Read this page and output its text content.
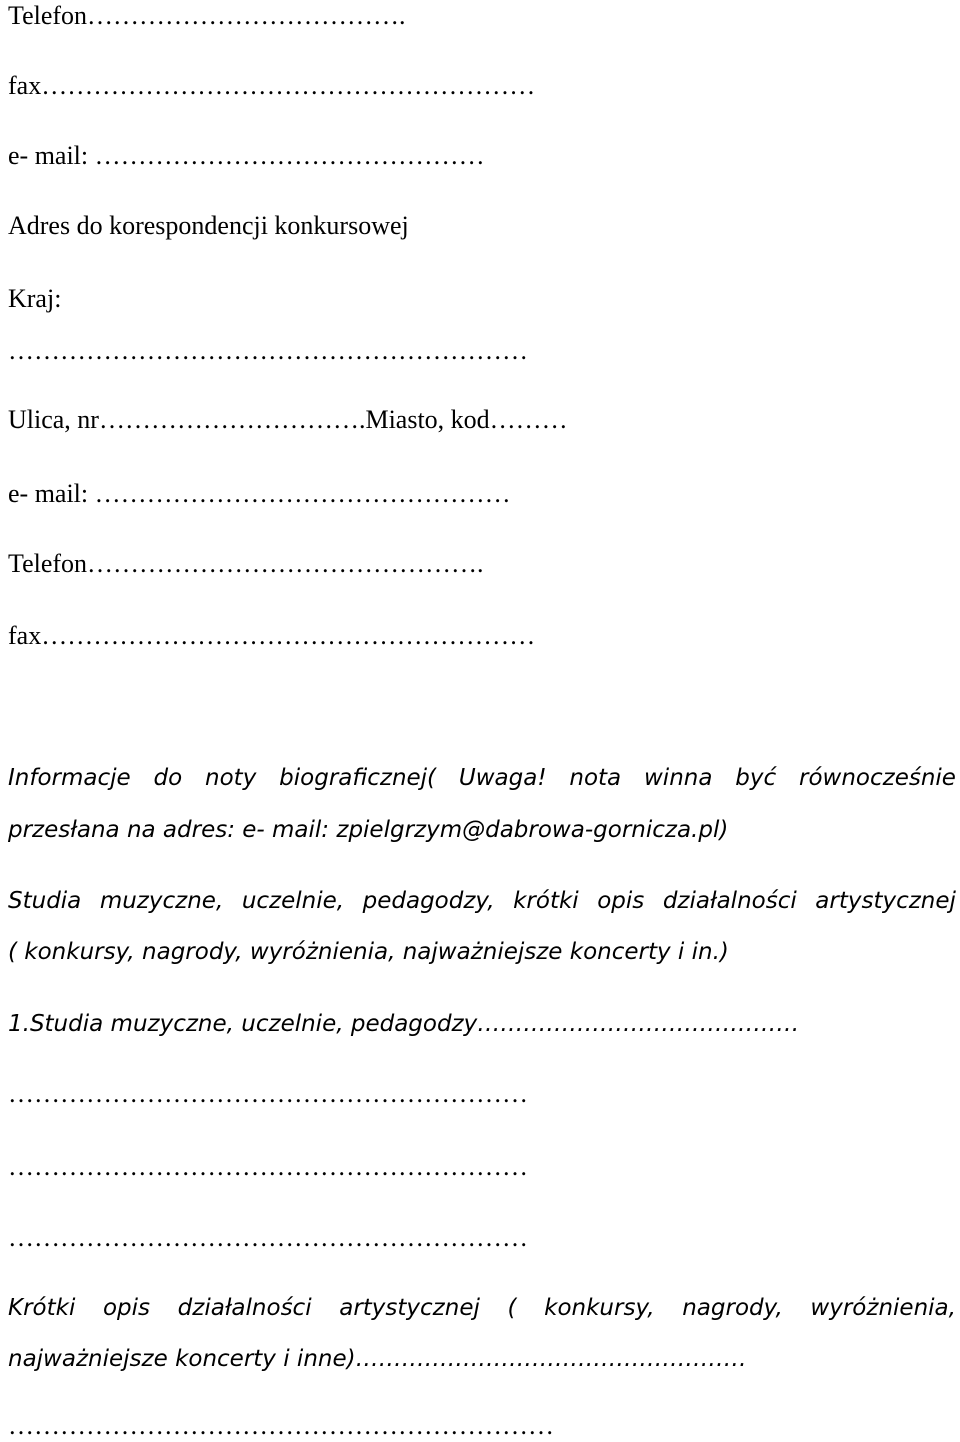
Telefon……………………………….
fax…………………………………………………
e- mail: ………………………………………
Adres do korespondencji konkursowej
Kraj:
……………………………………………………
Ulica, nr………………………….Miasto, kod………
e- mail: …………………………………………
Telefon……………………………………….
fax…………………………………………………
Informacje do noty biograficznej( Uwaga! nota winna być równocześnie
przesłana na adres: e- mail: zpielgrzym@dabrowa-gornicza.pl)
Studia muzyczne, uczelnie, pedagodzy, krótki opis działalności artystycznej
( konkursy, nagrody, wyróżnienia, najważniejsze koncerty i in.)
1.Studia muzyczne, uczelnie, pedagodzy……………………………………
……………………………………………………
……………………………………………………
……………………………………………………
Krótki opis działalności artystycznej ( konkursy, nagrody, wyróżnienia,
najważniejsze koncerty i inne)……………………………………………
………………………………………………………
